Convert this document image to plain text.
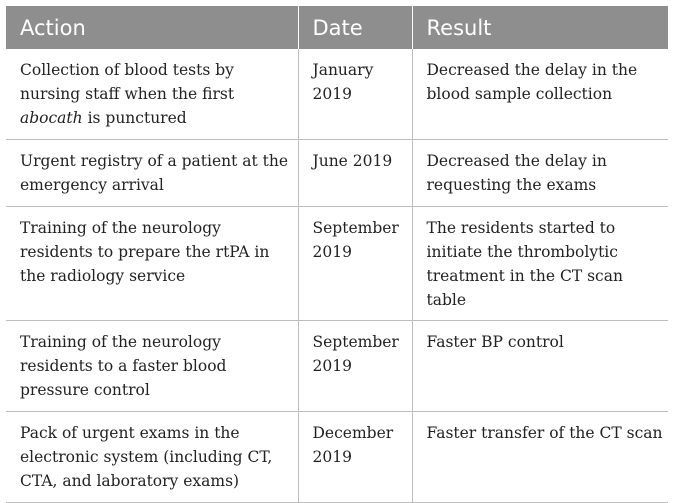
Action	Date	Result
Collection of blood tests by nursing staff when the first abocath is punctured	January 2019	Decreased the delay in the blood sample collection
Urgent registry of a patient at the emergency arrival	June 2019	Decreased the delay in requesting the exams
Training of the neurology residents to prepare the rtPA in the radiology service	September 2019	The residents started to initiate the thrombolytic treatment in the CT scan table
Training of the neurology residents to a faster blood pressure control	September 2019	Faster BP control
Pack of urgent exams in the electronic system (including CT, CTA, and laboratory exams)	December 2019	Faster transfer of the CT scan
